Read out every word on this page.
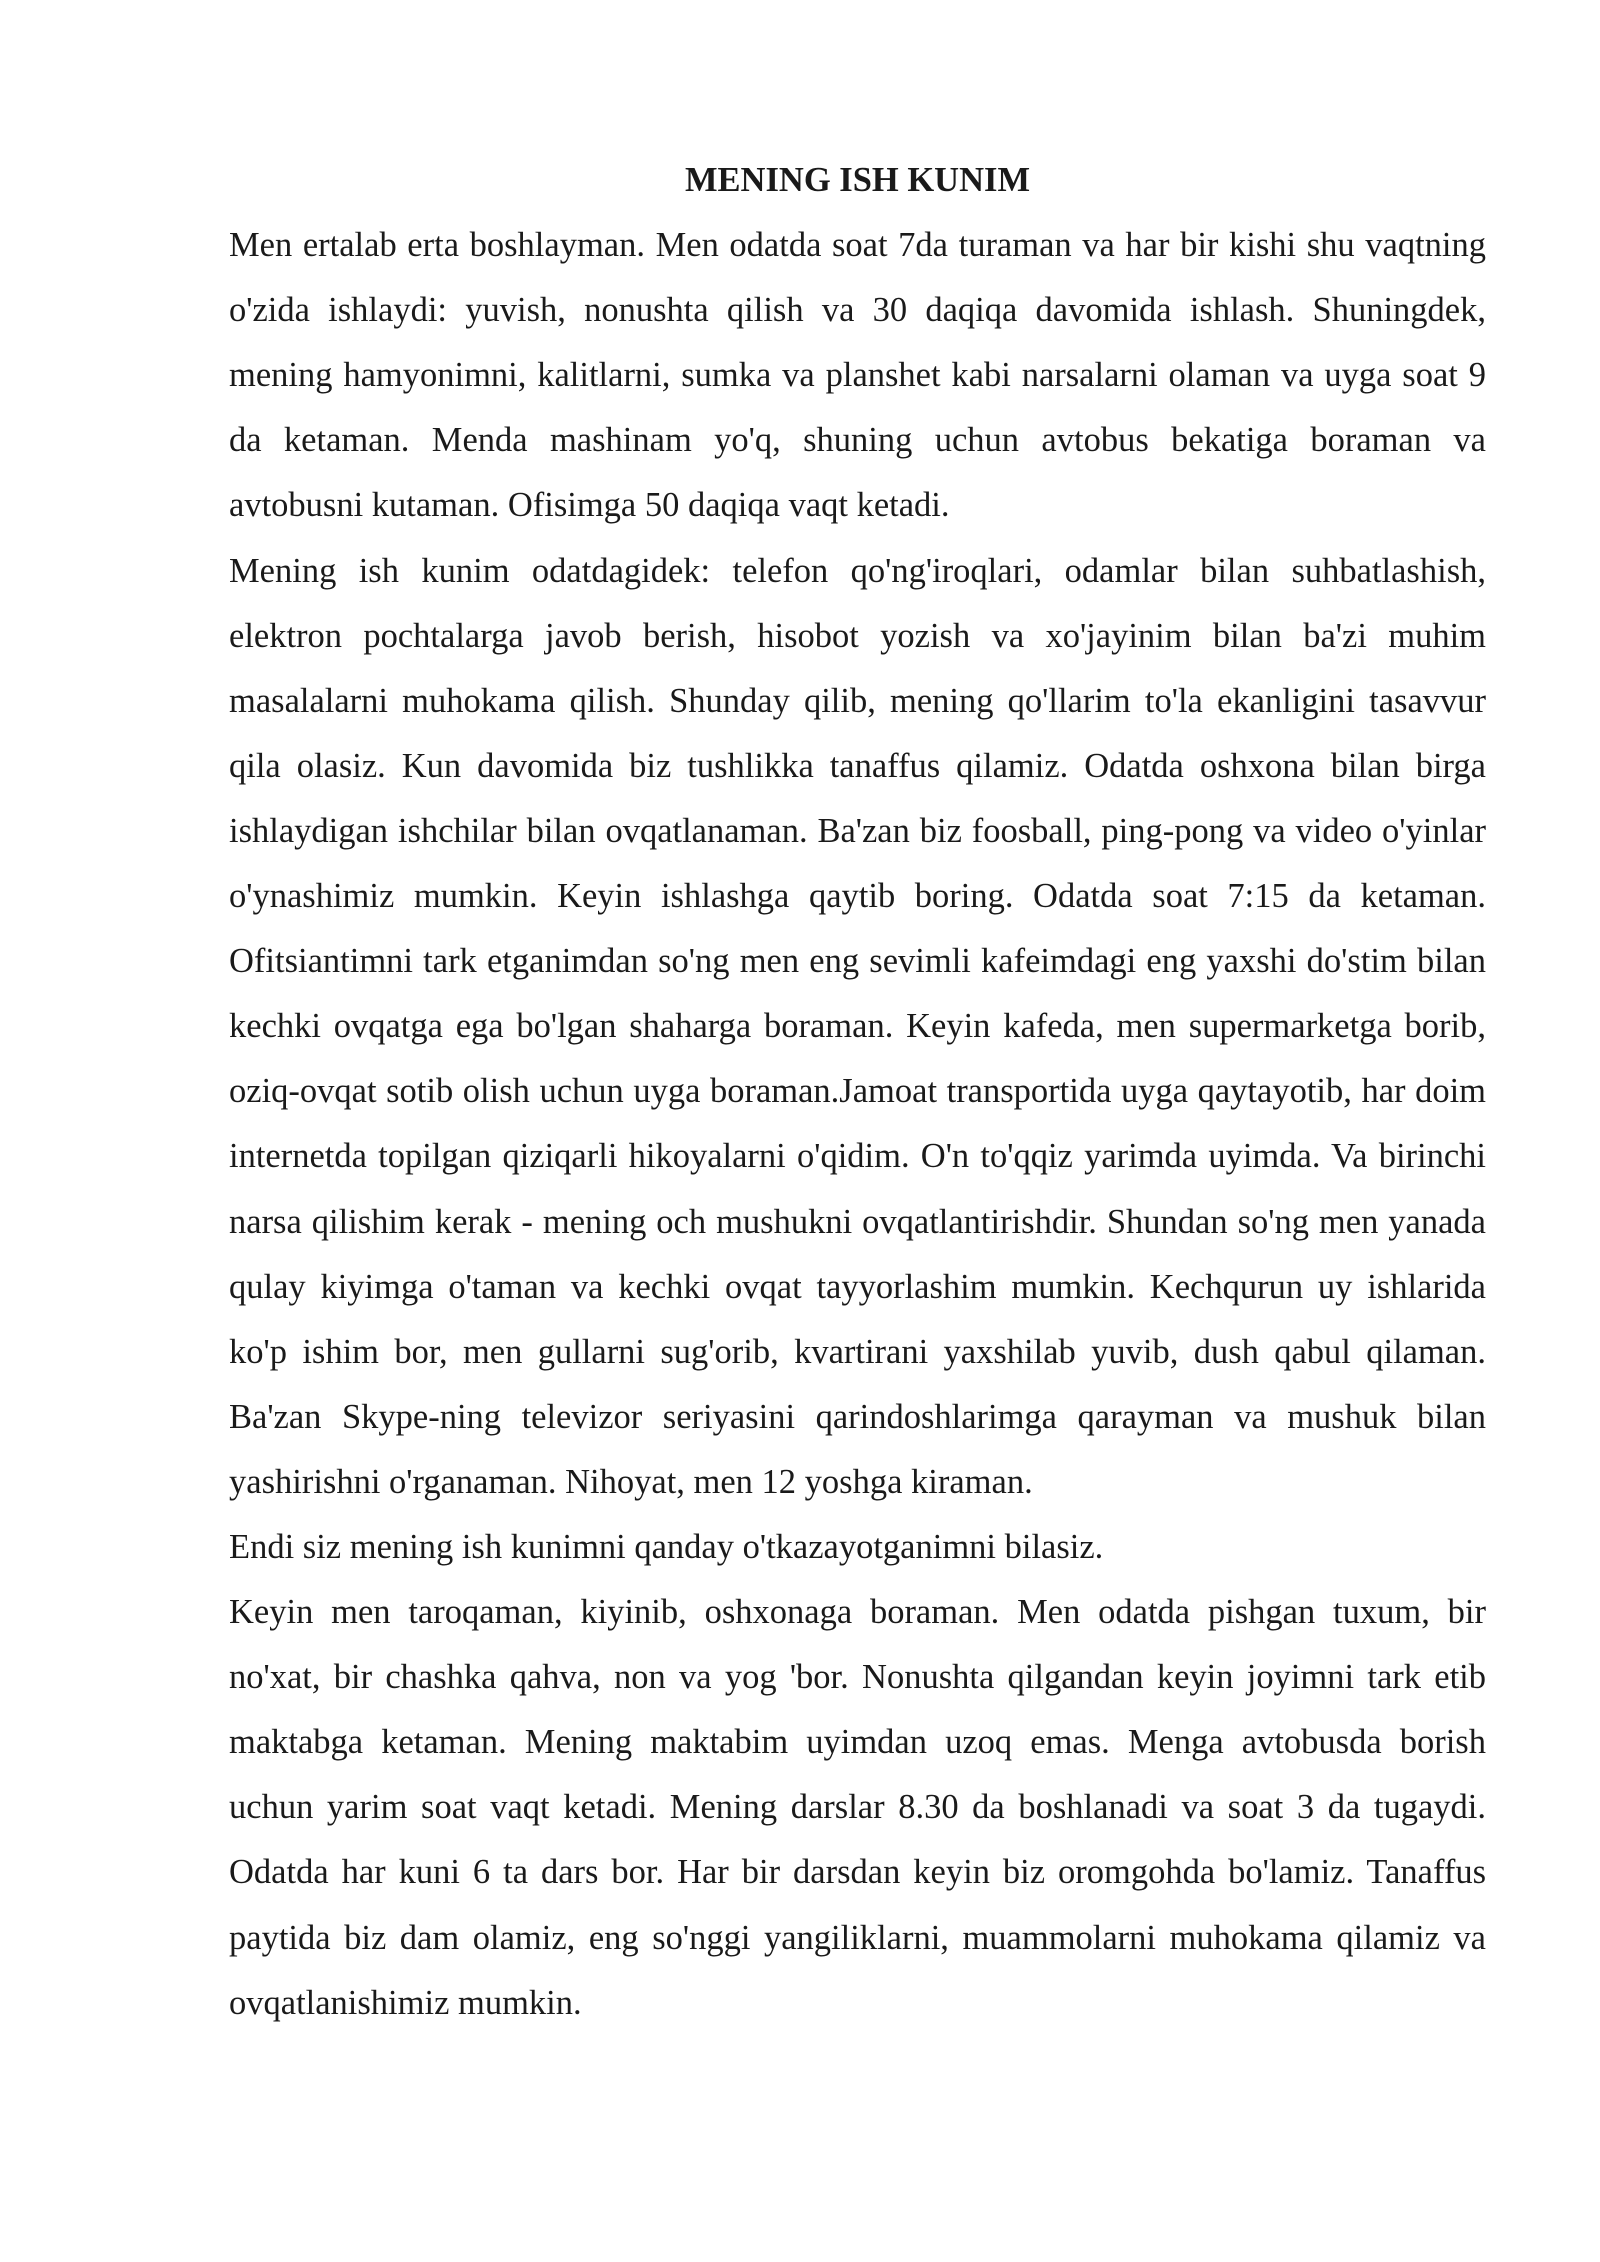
MENING ISH KUNIM

Men ertalab erta boshlayman. Men odatda soat 7da turaman va har bir kishi shu vaqtning o'zida ishlaydi: yuvish, nonushta qilish va 30 daqiqa davomida ishlash. Shuningdek, mening hamyonimni, kalitlarni, sumka va planshet kabi narsalarni olaman va uyga soat 9 da ketaman. Menda mashinam yo'q, shuning uchun avtobus bekatiga boraman va avtobusni kutaman. Ofisimga 50 daqiqa vaqt ketadi.

Mening ish kunim odatdagidek: telefon qo'ng'iroqlari, odamlar bilan suhbatlashish, elektron pochtalarga javob berish, hisobot yozish va xo'jayinim bilan ba'zi muhim masalalarni muhokama qilish. Shunday qilib, mening qo'llarim to'la ekanligini tasavvur qila olasiz. Kun davomida biz tushlikka tanaffus qilamiz. Odatda oshxona bilan birga ishlaydigan ishchilar bilan ovqatlanaman. Ba'zan biz foosball, ping-pong va video o'yinlar o'ynashimiz mumkin. Keyin ishlashga qaytib boring. Odatda soat 7:15 da ketaman. Ofitsiantimni tark etganimdan so'ng men eng sevimli kafeimdagi eng yaxshi do'stim bilan kechki ovqatga ega bo'lgan shaharga boraman. Keyin kafeda, men supermarketga borib, oziq-ovqat sotib olish uchun uyga boraman.Jamoat transportida uyga qaytayotib, har doim internetda topilgan qiziqarli hikoyalarni o'qidim. O'n to'qqiz yarimda uyimda. Va birinchi narsa qilishim kerak - mening och mushukni ovqatlantirishdir. Shundan so'ng men yanada qulay kiyimga o'taman va kechki ovqat tayyorlashim mumkin. Kechqurun uy ishlarida ko'p ishim bor, men gullarni sug'orib, kvartirani yaxshilab yuvib, dush qabul qilaman. Ba'zan Skype-ning televizor seriyasini qarindoshlarimga qarayman va mushuk bilan yashirishni o'rganaman. Nihoyat, men 12 yoshga kiraman.

Endi siz mening ish kunimni qanday o'tkazayotganimni bilasiz.

Keyin men taroqaman, kiyinib, oshxonaga boraman. Men odatda pishgan tuxum, bir no'xat, bir chashka qahva, non va yog 'bor. Nonushta qilgandan keyin joyimni tark etib maktabga ketaman. Mening maktabim uyimdan uzoq emas. Menga avtobusda borish uchun yarim soat vaqt ketadi. Mening darslar 8.30 da boshlanadi va soat 3 da tugaydi. Odatda har kuni 6 ta dars bor. Har bir darsdan keyin biz oromgohda bo'lamiz. Tanaffus paytida biz dam olamiz, eng so'nggi yangiliklarni, muammolarni muhokama qilamiz va ovqatlanishimiz mumkin.
